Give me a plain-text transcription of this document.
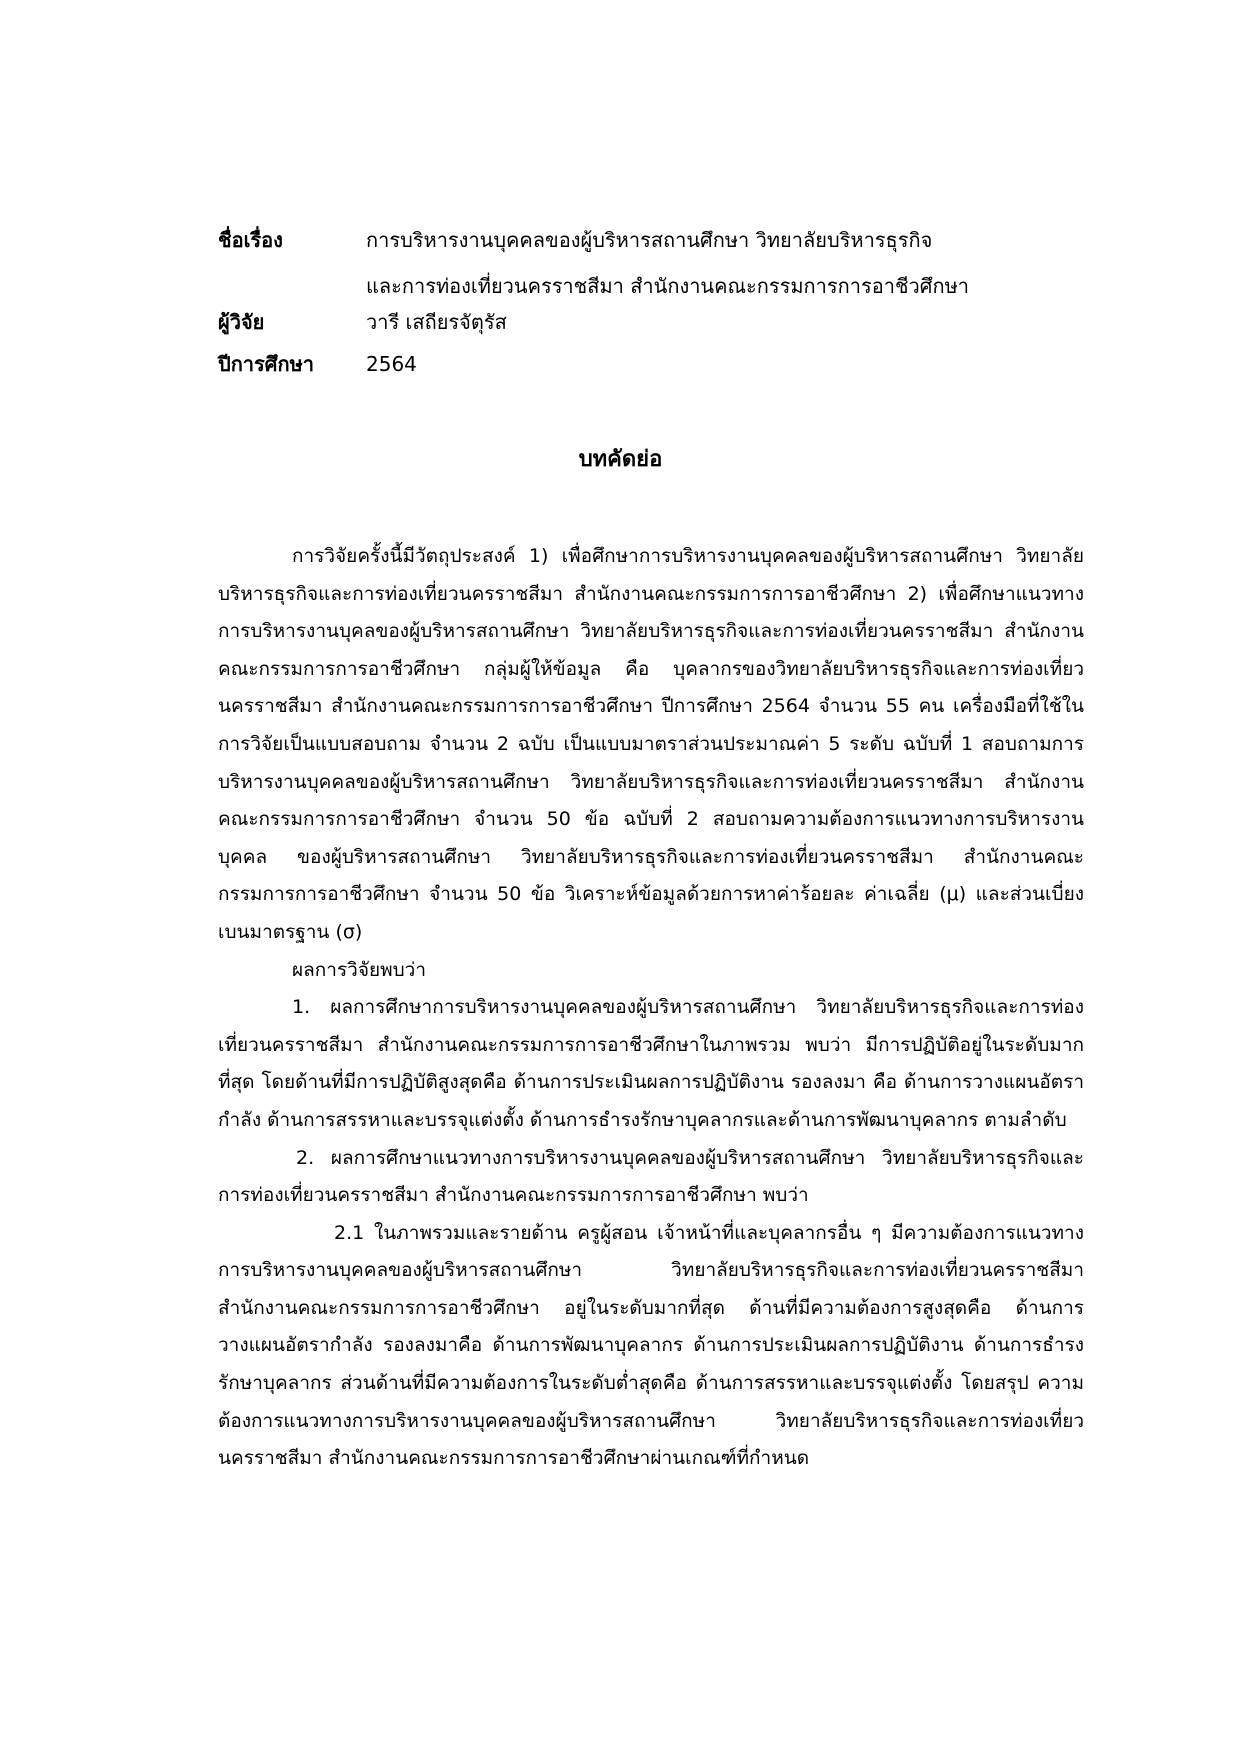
ชื่อเรื่อง	การบริหารงานบุคคลของผู้บริหารสถานศึกษา วิทยาลัยบริหารธุรกิจ
และการท่องเที่ยวนครราชสีมา สำนักงานคณะกรรมการการอาชีวศึกษา
ผู้วิจัย	วารี เสถียรจัตุรัส
ปีการศึกษา	2564
บทคัดย่อ

การวิจัยครั้งนี้มีวัตถุประสงค์ 1) เพื่อศึกษาการบริหารงานบุคคลของผู้บริหารสถานศึกษา วิทยาลัยบริหารธุรกิจและการท่องเที่ยวนครราชสีมา สำนักงานคณะกรรมการการอาชีวศึกษา 2) เพื่อศึกษาแนวทางการบริหารงานบุคลของผู้บริหารสถานศึกษา วิทยาลัยบริหารธุรกิจและการท่องเที่ยวนครราชสีมา สำนักงานคณะกรรมการการอาชีวศึกษา กลุ่มผู้ให้ข้อมูล คือ บุคลากรของวิทยาลัยบริหารธุรกิจและการท่องเที่ยวนครราชสีมา สำนักงานคณะกรรมการการอาชีวศึกษา ปีการศึกษา 2564 จำนวน 55 คน เครื่องมือที่ใช้ในการวิจัยเป็นแบบสอบถาม จำนวน 2 ฉบับ เป็นแบบมาตราส่วนประมาณค่า 5 ระดับ ฉบับที่ 1 สอบถามการบริหารงานบุคคลของผู้บริหารสถานศึกษา วิทยาลัยบริหารธุรกิจและการท่องเที่ยวนครราชสีมา สำนักงานคณะกรรมการการอาชีวศึกษา จำนวน 50 ข้อ ฉบับที่ 2 สอบถามความต้องการแนวทางการบริหารงานบุคคล ของผู้บริหารสถานศึกษา วิทยาลัยบริหารธุรกิจและการท่องเที่ยวนครราชสีมา สำนักงานคณะกรรมการการอาชีวศึกษา จำนวน 50 ข้อ วิเคราะห์ข้อมูลด้วยการหาค่าร้อยละ ค่าเฉลี่ย (μ) และส่วนเบี่ยงเบนมาตรฐาน (σ)

ผลการวิจัยพบว่า

1. ผลการศึกษาการบริหารงานบุคคลของผู้บริหารสถานศึกษา วิทยาลัยบริหารธุรกิจและการท่องเที่ยวนครราชสีมา สำนักงานคณะกรรมการการอาชีวศึกษาในภาพรวม พบว่า มีการปฏิบัติอยู่ในระดับมากที่สุด โดยด้านที่มีการปฏิบัติสูงสุดคือ ด้านการประเมินผลการปฏิบัติงาน รองลงมา คือ ด้านการวางแผนอัตรากำลัง ด้านการสรรหาและบรรจุแต่งตั้ง ด้านการธำรงรักษาบุคลากรและด้านการพัฒนาบุคลากร ตามลำดับ

2. ผลการศึกษาแนวทางการบริหารงานบุคคลของผู้บริหารสถานศึกษา วิทยาลัยบริหารธุรกิจและการท่องเที่ยวนครราชสีมา สำนักงานคณะกรรมการการอาชีวศึกษา พบว่า

2.1 ในภาพรวมและรายด้าน ครูผู้สอน เจ้าหน้าที่และบุคลากรอื่น ๆ มีความต้องการแนวทางการบริหารงานบุคคลของผู้บริหารสถานศึกษา วิทยาลัยบริหารธุรกิจและการท่องเที่ยวนครราชสีมา สำนักงานคณะกรรมการการอาชีวศึกษา อยู่ในระดับมากที่สุด ด้านที่มีความต้องการสูงสุดคือ ด้านการวางแผนอัตรากำลัง รองลงมาคือ ด้านการพัฒนาบุคลากร ด้านการประเมินผลการปฏิบัติงาน ด้านการธำรงรักษาบุคลากร ส่วนด้านที่มีความต้องการในระดับต่ำสุดคือ ด้านการสรรหาและบรรจุแต่งตั้ง โดยสรุป ความต้องการแนวทางการบริหารงานบุคคลของผู้บริหารสถานศึกษา วิทยาลัยบริหารธุรกิจและการท่องเที่ยวนครราชสีมา สำนักงานคณะกรรมการการอาชีวศึกษาผ่านเกณฑ์ที่กำหนด
